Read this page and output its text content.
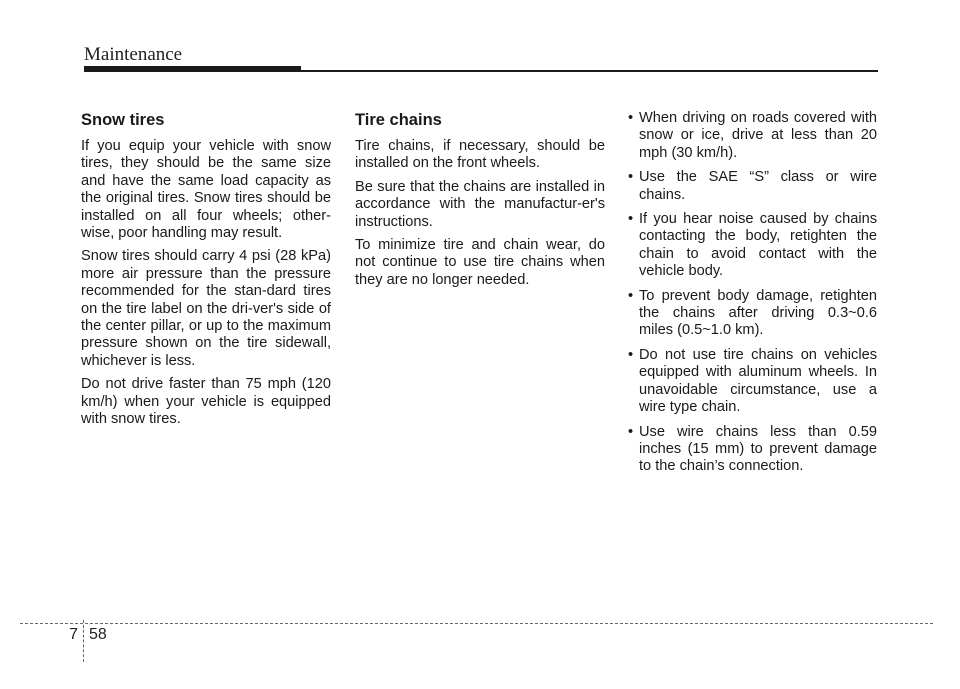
Maintenance
Snow tires

If you equip your vehicle with snow tires, they should be the same size and have the same load capacity as the original tires. Snow tires should be installed on all four wheels; other-wise, poor handling may result.

Snow tires should carry 4 psi (28 kPa) more air pressure than the pressure recommended for the stan-dard tires on the tire label on the dri-ver's side of the center pillar, or up to the maximum pressure shown on the tire sidewall, whichever is less.

Do not drive faster than 75 mph (120 km/h) when your vehicle is equipped with snow tires.

Tire chains

Tire chains, if necessary, should be installed on the front wheels.

Be sure that the chains are installed in accordance with the manufactur-er's instructions.

To minimize tire and chain wear, do not continue to use tire chains when they are no longer needed.

• When driving on roads covered with snow or ice, drive at less than 20 mph (30 km/h).
• Use the SAE “S” class or wire chains.
• If you hear noise caused by chains contacting the body, retighten the chain to avoid contact with the vehicle body.
• To prevent body damage, retighten the chains after driving 0.3~0.6 miles (0.5~1.0 km).
• Do not use tire chains on vehicles equipped with aluminum wheels. In unavoidable circumstance, use a wire type chain.
• Use wire chains less than 0.59 inches (15 mm) to prevent damage to the chain’s connection.
7 58
